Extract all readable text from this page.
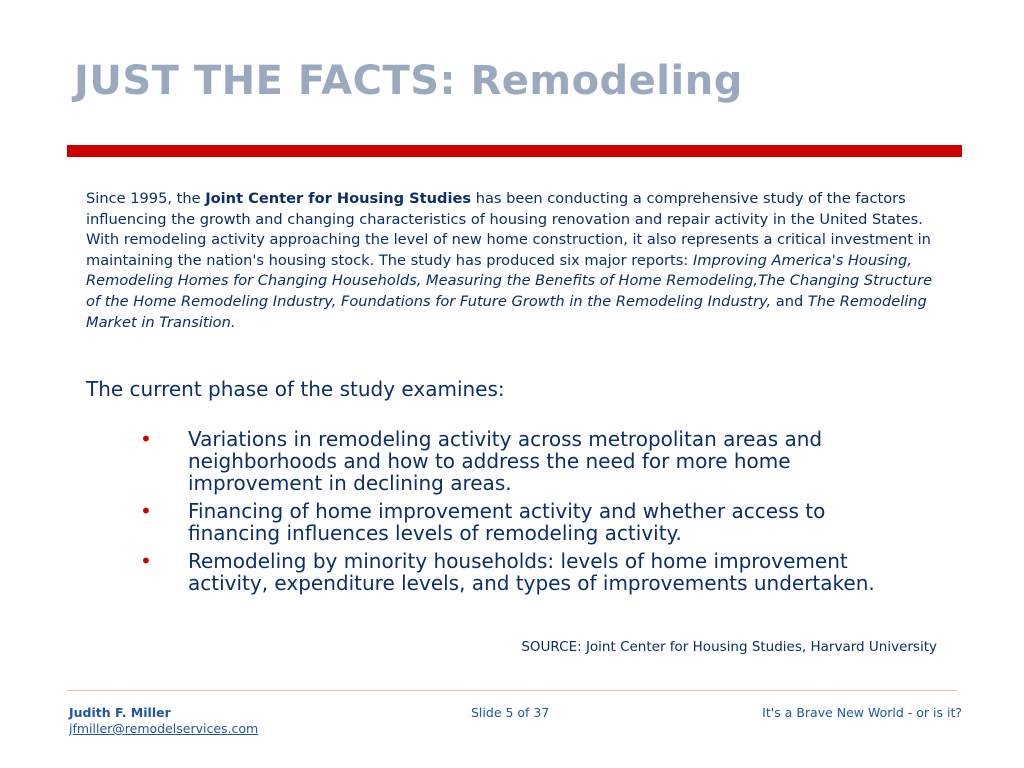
JUST THE FACTS: Remodeling

Since 1995, the Joint Center for Housing Studies has been conducting a comprehensive study of the factors influencing the growth and changing characteristics of housing renovation and repair activity in the United States. With remodeling activity approaching the level of new home construction, it also represents a critical investment in maintaining the nation's housing stock. The study has produced six major reports: Improving America's Housing, Remodeling Homes for Changing Households, Measuring the Benefits of Home Remodeling,The Changing Structure of the Home Remodeling Industry, Foundations for Future Growth in the Remodeling Industry, and The Remodeling Market in Transition.

The current phase of the study examines:

• Variations in remodeling activity across metropolitan areas and neighborhoods and how to address the need for more home improvement in declining areas.
• Financing of home improvement activity and whether access to financing influences levels of remodeling activity.
• Remodeling by minority households: levels of home improvement activity, expenditure levels, and types of improvements undertaken.
SOURCE: Joint Center for Housing Studies, Harvard University
Judith F. Miller
jfmiller@remodelservices.com
Slide 5 of 37	It's a Brave New World - or is it?
